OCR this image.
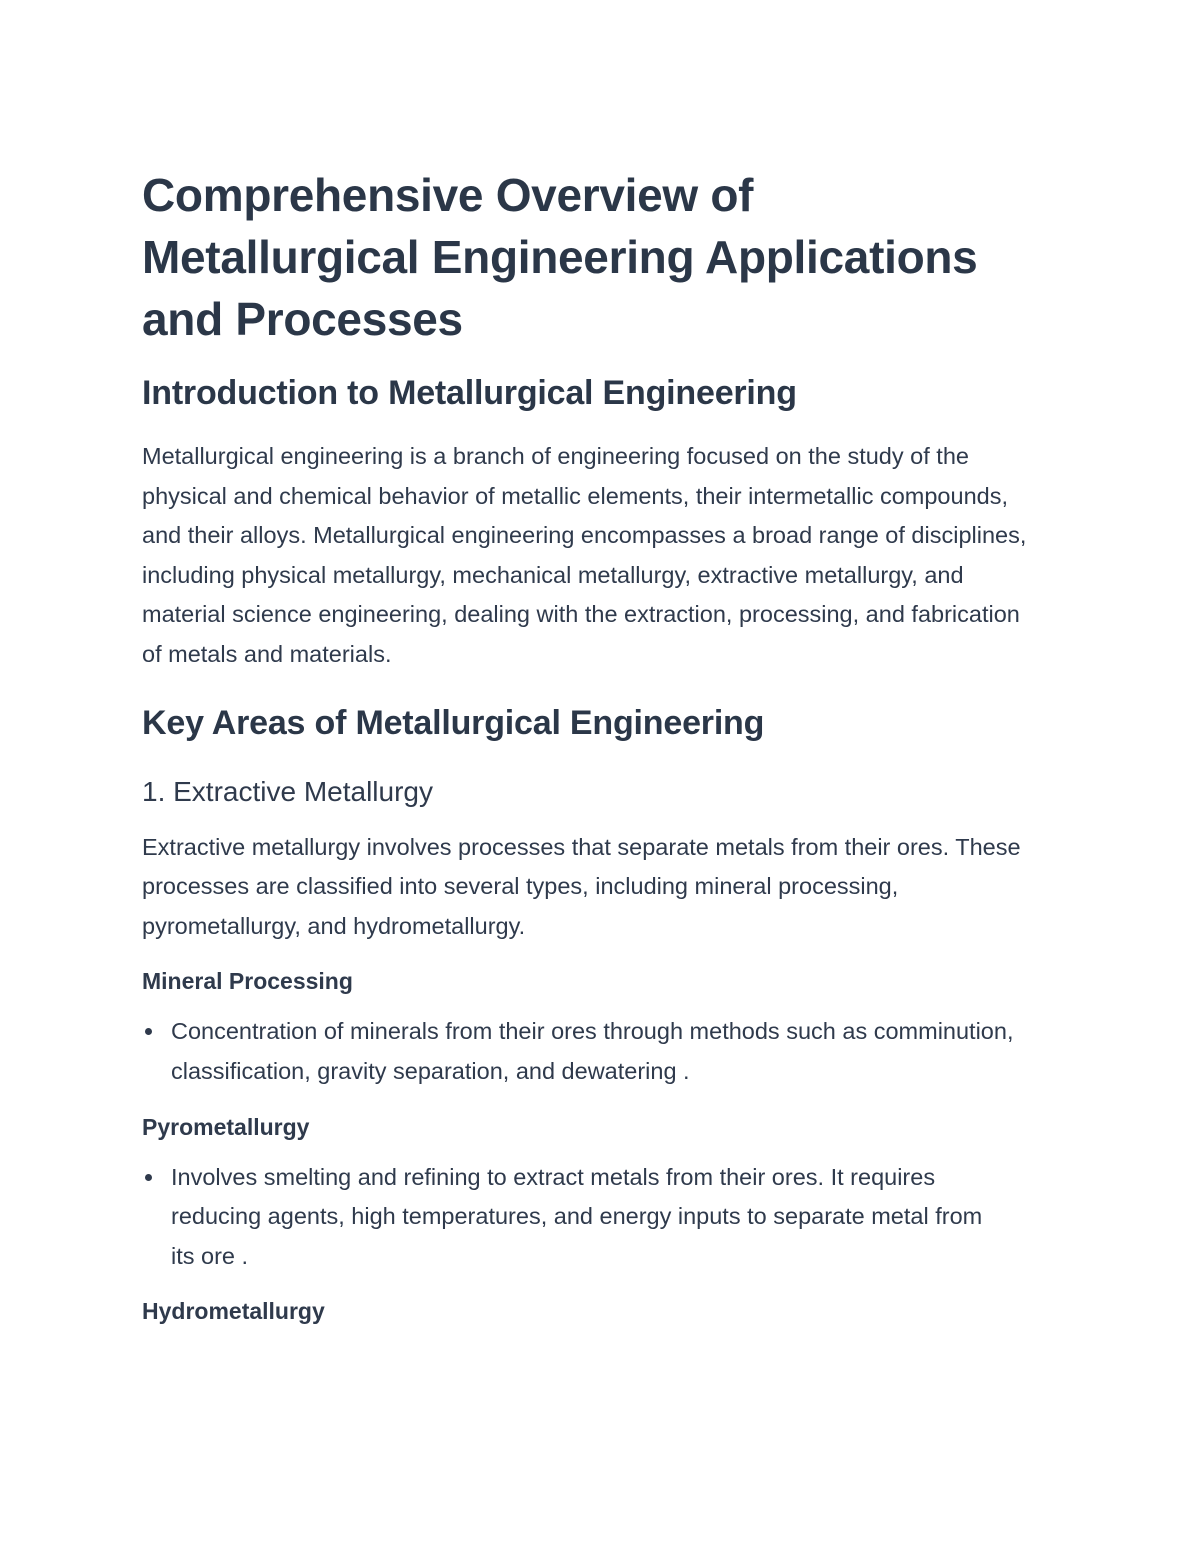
Comprehensive Overview of Metallurgical Engineering Applications and Processes
Introduction to Metallurgical Engineering

Metallurgical engineering is a branch of engineering focused on the study of the physical and chemical behavior of metallic elements, their intermetallic compounds, and their alloys. Metallurgical engineering encompasses a broad range of disciplines, including physical metallurgy, mechanical metallurgy, extractive metallurgy, and material science engineering, dealing with the extraction, processing, and fabrication of metals and materials.

Key Areas of Metallurgical Engineering
1. Extractive Metallurgy

Extractive metallurgy involves processes that separate metals from their ores. These processes are classified into several types, including mineral processing, pyrometallurgy, and hydrometallurgy.

Mineral Processing
Concentration of minerals from their ores through methods such as comminution, classification, gravity separation, and dewatering .
Pyrometallurgy
Involves smelting and refining to extract metals from their ores. It requires reducing agents, high temperatures, and energy inputs to separate metal from its ore .
Hydrometallurgy
